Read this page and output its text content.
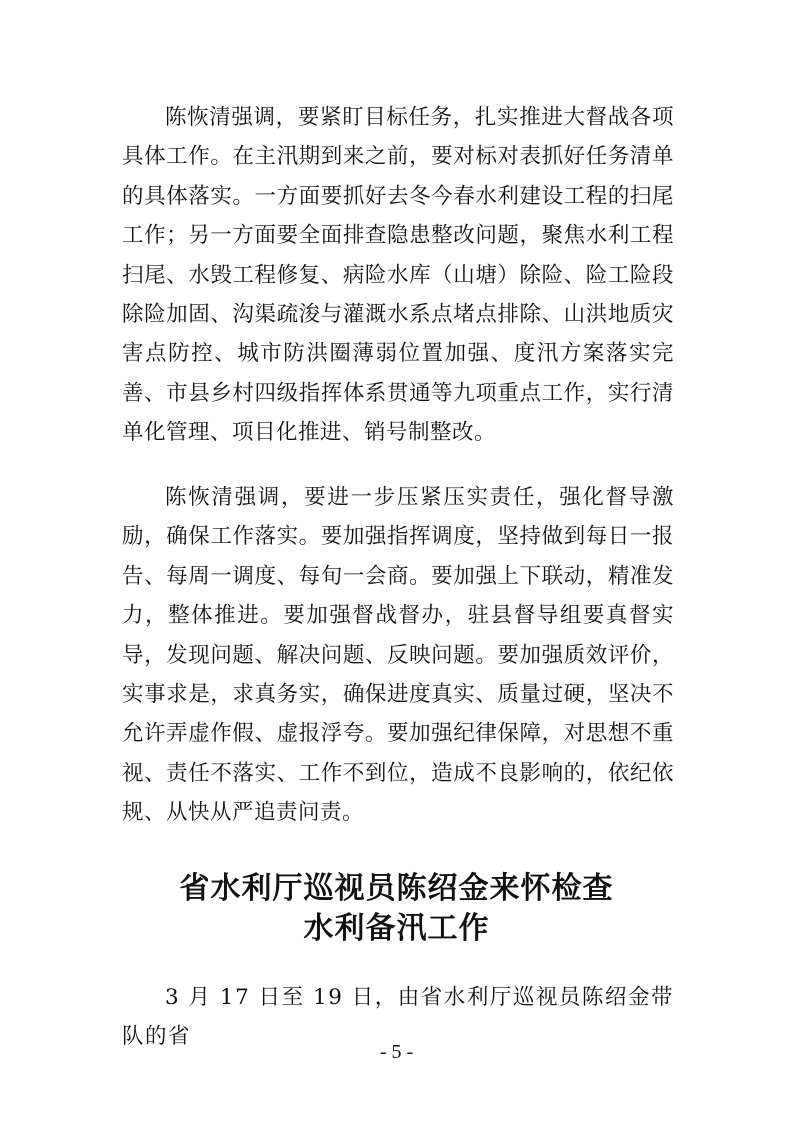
陈恢清强调，要紧盯目标任务，扎实推进大督战各项具体工作。在主汛期到来之前，要对标对表抓好任务清单的具体落实。一方面要抓好去冬今春水利建设工程的扫尾工作；另一方面要全面排查隐患整改问题，聚焦水利工程扫尾、水毁工程修复、病险水库（山塘）除险、险工险段除险加固、沟渠疏浚与灌溉水系点堵点排除、山洪地质灾害点防控、城市防洪圈薄弱位置加强、度汛方案落实完善、市县乡村四级指挥体系贯通等九项重点工作，实行清单化管理、项目化推进、销号制整改。

陈恢清强调，要进一步压紧压实责任，强化督导激励，确保工作落实。要加强指挥调度，坚持做到每日一报告、每周一调度、每旬一会商。要加强上下联动，精准发力，整体推进。要加强督战督办，驻县督导组要真督实导，发现问题、解决问题、反映问题。要加强质效评价，实事求是，求真务实，确保进度真实、质量过硬，坚决不允许弄虚作假、虚报浮夸。要加强纪律保障，对思想不重视、责任不落实、工作不到位，造成不良影响的，依纪依规、从快从严追责问责。

省水利厅巡视员陈绍金来怀检查
水利备汛工作

3 月 17 日至 19 日，由省水利厅巡视员陈绍金带队的省

- 5 -
